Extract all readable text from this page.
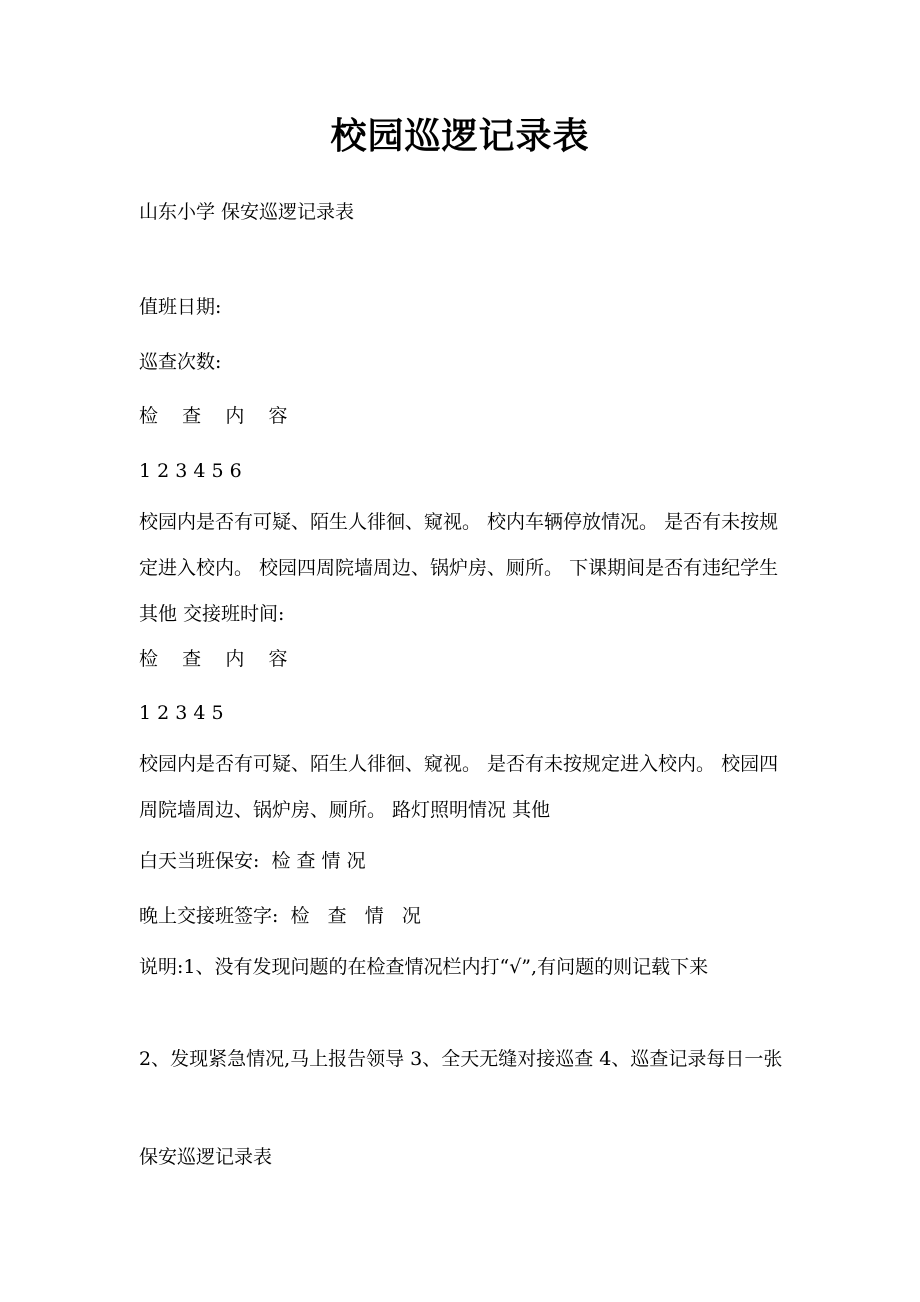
校园巡逻记录表
山东小学 保安巡逻记录表
值班日期:
巡查次数:
检    查    内    容
1 2 3 4 5 6
校园内是否有可疑、陌生人徘徊、窥视。 校内车辆停放情况。 是否有未按规定进入校内。 校园四周院墙周边、锅炉房、厕所。 下课期间是否有违纪学生 其他 交接班时间:
检    查    内    容
1 2 3 4 5
校园内是否有可疑、陌生人徘徊、窥视。 是否有未按规定进入校内。 校园四周院墙周边、锅炉房、厕所。 路灯照明情况 其他
白天当班保安:  检 查 情 况
晚上交接班签字:  检   查   情   况
说明:1、没有发现问题的在检查情况栏内打“√”,有问题的则记载下来
2、发现紧急情况,马上报告领导 3、全天无缝对接巡查 4、巡查记录每日一张
保安巡逻记录表
